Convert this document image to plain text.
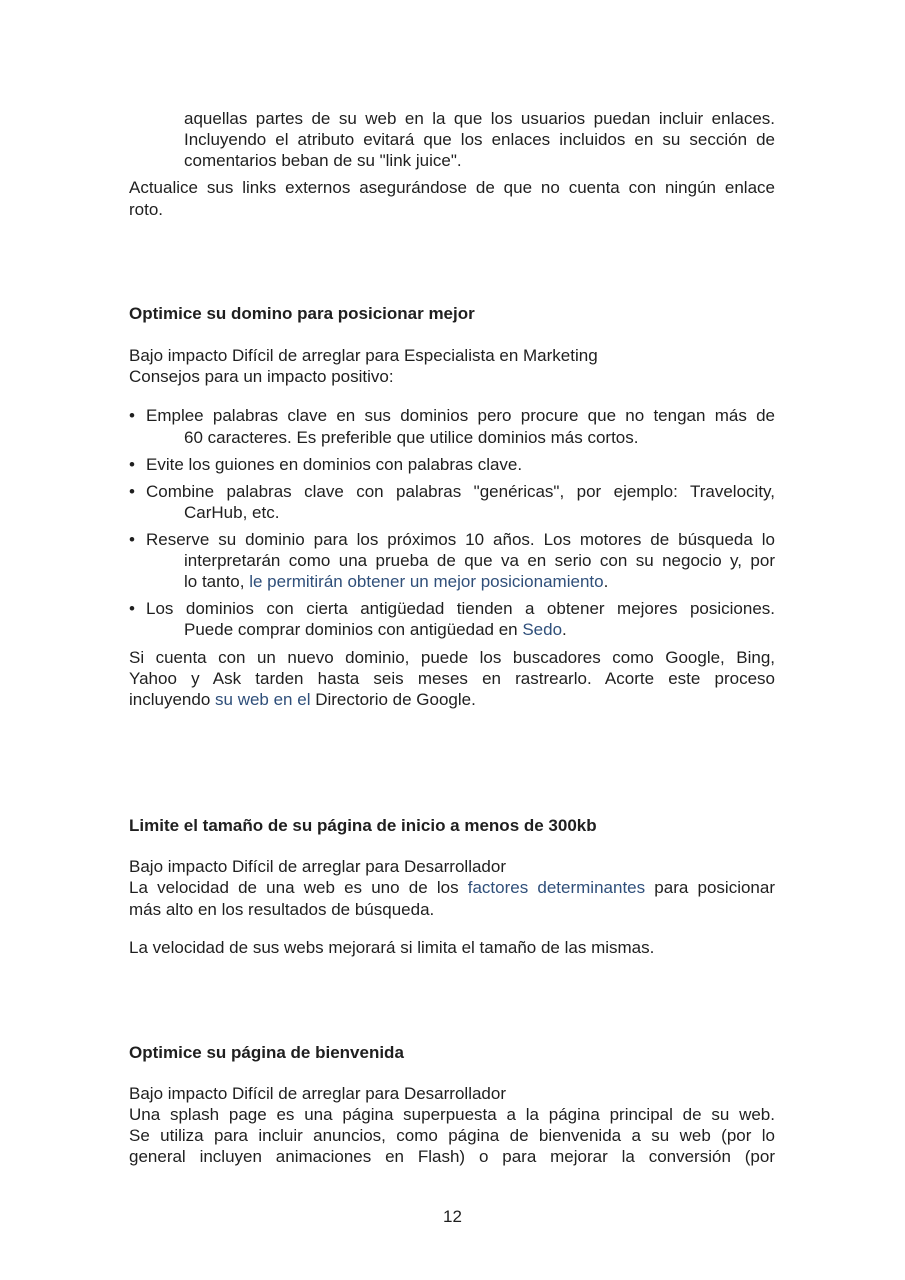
aquellas partes de su web en la que los usuarios puedan incluir enlaces.
Incluyendo el atributo evitará que los enlaces incluidos en su sección de
comentarios beban de su "link juice".
Actualice sus links externos asegurándose de que no cuenta con ningún enlace
roto.
Optimice su domino para posicionar mejor
Bajo impacto Difícil de arreglar para Especialista en Marketing
Consejos para un impacto positivo:
• Emplee palabras clave en sus dominios pero procure que no tengan más de
60 caracteres. Es preferible que utilice dominios más cortos.
• Evite los guiones en dominios con palabras clave.
• Combine palabras clave con palabras "genéricas", por ejemplo: Travelocity,
CarHub, etc.
• Reserve su dominio para los próximos 10 años. Los motores de búsqueda lo
interpretarán como una prueba de que va en serio con su negocio y, por
lo tanto, le permitirán obtener un mejor posicionamiento.
• Los dominios con cierta antigüedad tienden a obtener mejores posiciones.
Puede comprar dominios con antigüedad en Sedo.
Si cuenta con un nuevo dominio, puede los buscadores como Google, Bing,
Yahoo y Ask tarden hasta seis meses en rastrearlo. Acorte este proceso
incluyendo su web en el Directorio de Google.
Limite el tamaño de su página de inicio a menos de 300kb
Bajo impacto Difícil de arreglar para Desarrollador
La velocidad de una web es uno de los factores determinantes para posicionar
más alto en los resultados de búsqueda.
La velocidad de sus webs mejorará si limita el tamaño de las mismas.
Optimice su página de bienvenida
Bajo impacto Difícil de arreglar para Desarrollador
Una splash page es una página superpuesta a la página principal de su web.
Se utiliza para incluir anuncios, como página de bienvenida a su web (por lo
general incluyen animaciones en Flash) o para mejorar la conversión (por
12
